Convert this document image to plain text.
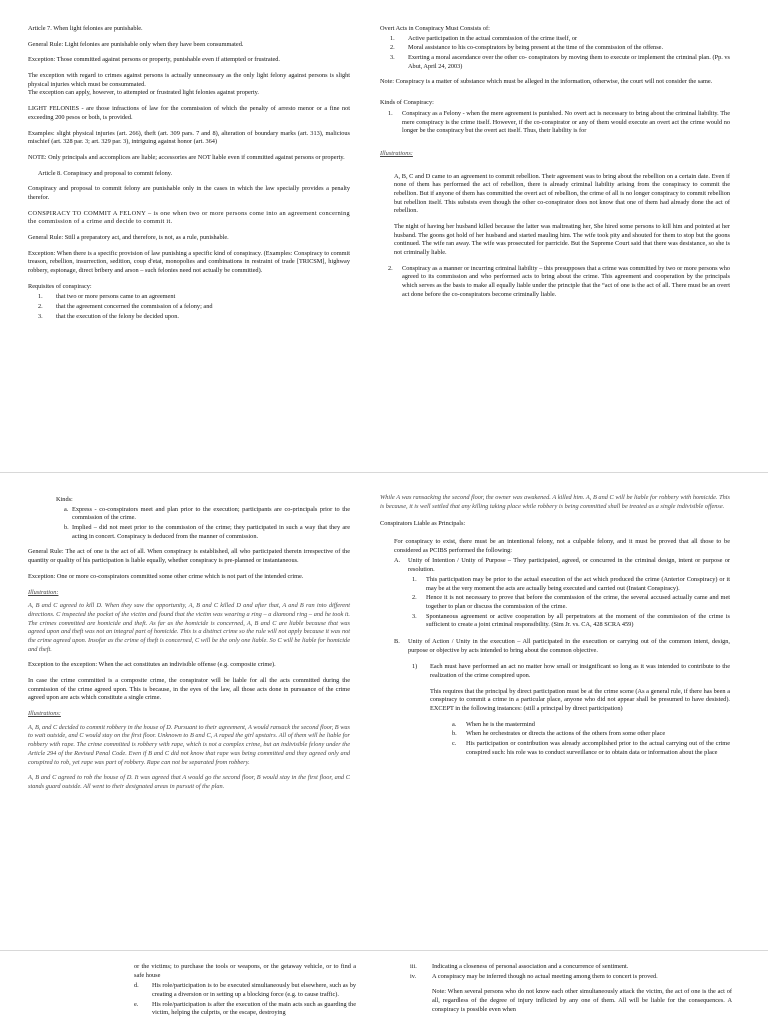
Article 7. When light felonies are punishable.

General Rule: Light felonies are punishable only when they have been consummated.

Exception: Those committed against persons or property, punishable even if attempted or frustrated.

The exception with regard to crimes against persons is actually unnecessary as the only light felony against persons is slight physical injuries which must be consummated.

The exception can apply, however, to attempted or frustrated light felonies against property.

LIGHT FELONIES - are those infractions of law for the commission of which the penalty of arresto menor or a fine not exceeding 200 pesos or both, is provided.

Examples: slight physical injuries (art. 266), theft (art. 309 pars. 7 and 8), alteration of boundary marks (art. 313), malicious mischief (art. 328 par. 3; art. 329 par. 3), intriguing against honor (art. 364)

NOTE: Only principals and accomplices are liable; accessories are NOT liable even if committed against persons or property.

Article 8. Conspiracy and proposal to commit felony.

Conspiracy and proposal to commit felony are punishable only in the cases in which the law specially provides a penalty therefor.

CONSPIRACY TO COMMIT A FELONY – is one when two or more persons come into an agreement concerning the commission of a crime and decide to commit it.

General Rule: Still a preparatory act, and therefore, is not, as a rule, punishable.

Exception: When there is a specific provision of law punishing a specific kind of conspiracy. (Examples: Conspiracy to commit treason, rebellion, insurrection, sedition, coup d'etat, monopolies and combinations in restraint of trade [TRICSM], highway robbery, espionage, direct bribery and arson – such felonies need not actually be committed).

Requisites of conspiracy:

1. that two or more persons came to an agreement
2. that the agreement concerned the commission of a felony; and
3. that the execution of the felony be decided upon.

Overt Acts in Conspiracy Must Consists of:

1. Active participation in the actual commission of the crime itself, or
2. Moral assistance to his co-conspirators by being present at the time of the commission of the offense.
3. Exerting a moral ascendance over the other co- conspirators by moving them to execute or implement the criminal plan. (Pp. vs Abut, April 24, 2003)

Note: Conspiracy is a matter of substance which must be alleged in the information, otherwise, the court will not consider the same.

Kinds of Conspiracy:

1. Conspiracy as a Felony - when the mere agreement is punished. No overt act is necessary to bring about the criminal liability. The mere conspiracy is the crime itself. However, if the co-conspirator or any of them would execute an overt act the crime would no longer be the conspiracy but the overt act itself. Thus, their liability is for

Illustrations:

A, B, C and D came to an agreement to commit rebellion. Their agreement was to bring about the rebellion on a certain date. Even if none of them has performed the act of rebellion, there is already criminal liability arising from the conspiracy to commit the rebellion. But if anyone of them has committed the overt act of rebellion, the crime of all is no longer conspiracy to commit rebellion but rebellion itself. This subsists even though the other co-conspirator does not know that one of them had already done the act of rebellion.

The night of having her husband killed because the latter was maltreating her, She hired some persons to kill him and pointed at her husband. The goons got hold of her husband and started mauling him. The wife took pity and shouted for them to stop but the goons continued. The wife ran away. The wife was prosecuted for parricide. But the Supreme Court said that there was desistance, so she is not criminally liable.

2. Conspiracy as a manner or incurring criminal liability – this presupposes that a crime was committed by two or more persons who agreed to its commission and who performed acts to bring about the crime. This agreement and cooperation by the principals which serves as the basis to make all equally liable under the principle that the “act of one is the act of all. There must be an overt act done before the co-conspirators become criminally liable.

Kinds:

a. Express - co-conspirators meet and plan prior to the execution; participants are co-principals prior to the commission of the crime.
b. Implied – did not meet prior to the commission of the crime; they participated in such a way that they are acting in concert. Conspiracy is deduced from the manner of commission.

General Rule: The act of one is the act of all. When conspiracy is established, all who participated therein irrespective of the quantity or quality of his participation is liable equally, whether conspiracy is pre-planned or instantaneous.

Exception: One or more co-conspirators committed some other crime which is not part of the intended crime.

Illustration:

A, B and C agreed to kill D. When they saw the opportunity, A, B and C killed D and after that, A and B ran into different directions. C inspected the pocket of the victim and found that the victim was wearing a ring – a diamond ring – and he took it. The crimes committed are homicide and theft. As far as the homicide is concerned, A, B and C are liable because that was agreed upon and theft was not an integral part of homicide. This is a distinct crime so the rule will not apply because it was not the crime agreed upon. Insofar as the crime of theft is concerned, C will be the only one liable. So C will be liable for homicide and theft.

Exception to the exception: When the act constitutes an indivisible offense (e.g. composite crime).

In case the crime committed is a composite crime, the conspirator will be liable for all the acts committed during the commission of the crime agreed upon. This is because, in the eyes of the law, all those acts done in pursuance of the crime agreed upon are acts which constitute a single crime.

Illustrations:

A, B, and C decided to commit robbery in the house of D. Pursuant to their agreement, A would ransack the second floor, B was to wait outside, and C would stay on the first floor. Unknown to B and C, A raped the girl upstairs. All of them will be liable for robbery with rape. The crime committed is robbery with rape, which is not a complex crime, but an indivisible felony under the Article 294 of the Revised Penal Code. Even if B and C did not know that rape was being committed and they agreed only and conspired to rob, yet rape was part of robbery. Rape can not be separated from robbery.

A, B and C agreed to rob the house of D. It was agreed that A would go the second floor, B would stay in the first floor, and C stands guard outside. All went to their designated areas in pursuit of the plan.

While A was ransacking the second floor, the owner was awakened. A killed him. A, B and C will be liable for robbery with homicide. This is because, it is well settled that any killing taking place while robbery is being committed shall be treated as a single indivisible offense.

Conspirators Liable as Principals:

For conspiracy to exist, there must be an intentional felony, not a culpable felony, and it must be proved that all those to be considered as PCIBS performed the following:

A. Unity of Intention / Unity of Purpose – They participated, agreed, or concurred in the criminal design, intent or purpose or resolution.
1. This participation may be prior to the actual execution of the act which produced the crime (Anterior Conspiracy) or it may be at the very moment the acts are actually being executed and carried out (Instant Conspiracy).
2. Hence it is not necessary to prove that before the commission of the crime, the several accused actually came and met together to plan or discuss the commission of the crime.
3. Spontaneous agreement or active cooperation by all perpetrators at the moment of the commission of the crime is sufficient to create a joint criminal responsibility. (Sim Jr. vs. CA, 428 SCRA 459)
B. Unity of Action / Unity in the execution – All participated in the execution or carrying out of the common intent, design, purpose or objective by acts intended to bring about the common objective.
1) Each must have performed an act no matter how small or insignificant so long as it was intended to contribute to the realization of the crime conspired upon.

This requires that the principal by direct participation must be at the crime scene (As a general rule, if there has been a conspiracy to commit a crime in a particular place, anyone who did not appear shall be presumed to have desisted). EXCEPT in the following instances: (still a principal by direct participation)

a. When he is the mastermind
b. When he orchestrates or directs the actions of the others from some other place
c. His participation or contribution was already accomplished prior to the actual carrying out of the crime conspired such: his role was to conduct surveillance or to obtain data or information about the place

or the victims; to purchase the tools or weapons, or the getaway vehicle, or to find a safe house

d. His role/participation is to be executed simultaneously but elsewhere, such as by creating a diversion or in setting up a blocking force (e.g. to cause traffic).
e. His role/participation is after the execution of the main acts such as guarding the victim, helping the culprits, or the escape, destroying
iii. Indicating a closeness of personal association and a concurrence of sentiment.
iv.	A conspiracy may be inferred though no actual meeting among them to concert is proved.

Note: When several persons who do not know each other simultaneously attack the victim, the act of one is the act of all, regardless of the degree of injury inflicted by any one of them. All will be liable for the consequences. A conspiracy is possible even when
